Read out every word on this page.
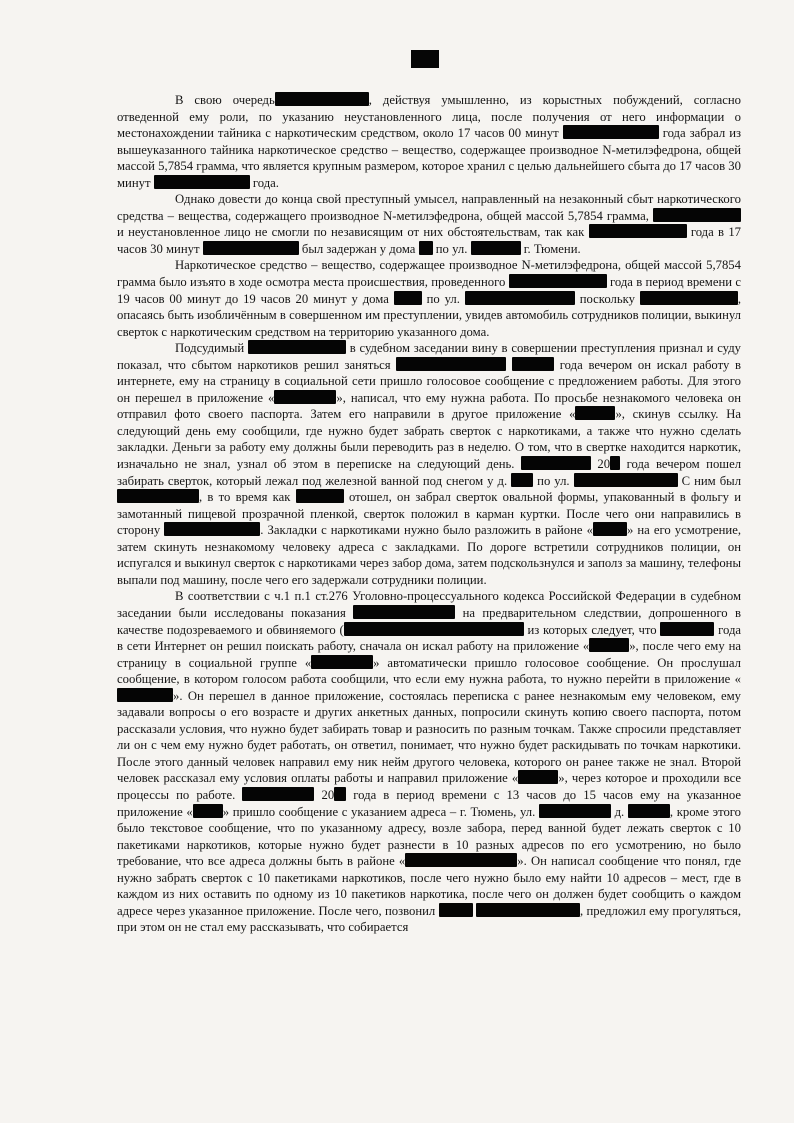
В свою очередь	, действуя умышленно, из корыстных побуждений, согласно отведенной ему роли, по указанию неустановленного лица, после получения от него информации о местонахождении тайника с наркотическим средством, около 17 часов 00 минут	года забрал из вышеуказанного тайника наркотическое средство – вещество, содержащее производное N-метилэфедрона, общей массой 5,7854 грамма, что является крупным размером, которое хранил с целью дальнейшего сбыта до 17 часов 30 минут	года.

Однако довести до конца свой преступный умысел, направленный на незаконный сбыт наркотического средства – вещества, содержащего производное N-метилэфедрона, общей массой 5,7854 грамма,  и неустановленное лицо не смогли по независящим от них обстоятельствам, так как	года в 17 часов 30 минут	был задержан у дома по ул.	г. Тюмени.

Наркотическое средство – вещество, содержащее производное N-метилэфедрона, общей массой 5,7854 грамма было изъято в ходе осмотра места происшествия, проведенного	года в период времени с 19 часов 00 минут до 19 часов 20 минут у дома	по ул.	поскольку	, опасаясь быть изобличённым в совершенном им преступлении, увидев автомобиль сотрудников полиции, выкинул сверток с наркотическим средством на территорию указанного дома.

Подсудимый	в судебном заседании вину в совершении преступления признал и суду показал, что сбытом наркотиков решил заняться	года вечером он искал работу в интернете, ему на страницу в социальной сети пришло голосовое сообщение с предложением работы. Для этого он перешел в приложение «	», написал, что ему нужна работа. По просьбе незнакомого человека он отправил фото своего паспорта. Затем его направили в другое приложение «	», скинув ссылку. На следующий день ему сообщили, где нужно будет забрать сверток с наркотиками, а также что нужно сделать закладки. Деньги за работу ему должны были переводить раз в неделю. О том, что в свертке находится наркотик, изначально не знал, узнал об этом в переписке на следующий день.	20 года вечером пошел забирать сверток, который лежал под железной ванной под снегом у д. по ул.	С ним был , в то время как	отошел, он забрал сверток овальной формы, упакованный в фольгу и замотанный пищевой прозрачной пленкой, сверток положил в карман куртки. После чего они направились в сторону	. Закладки с наркотиками нужно было разложить в районе «	» на его усмотрение, затем скинуть незнакомому человеку адреса с закладками. По дороге встретили сотрудников полиции, он испугался и выкинул сверток с наркотиками через забор дома, затем подскользнулся и заполз за машину, телефоны выпали под машину, после чего его задержали сотрудники полиции.

В соответствии с ч.1 п.1 ст.276 Уголовно-процессуального кодекса Российской Федерации в судебном заседании были исследованы показания	на предварительном следствии, допрошенного в качестве подозреваемого и обвиняемого (	из которых следует, что	года в сети Интернет он решил поискать работу, сначала он искал работу на приложение «	», после чего ему на страницу в социальной группе «	» автоматически пришло голосовое сообщение. Он прослушал сообщение, в котором голосом работа сообщили, что если ему нужна работа, то нужно перейти в приложение «». Он перешел в данное приложение, состоялась переписка с ранее незнакомым ему человеком, ему задавали вопросы о его возрасте и других анкетных данных, попросили скинуть копию своего паспорта, потом рассказали условия, что нужно будет забирать товар и разносить по разным точкам. Также спросили представляет ли он с чем ему нужно будет работать, он ответил, понимает, что нужно будет раскидывать по точкам наркотики. После этого данный человек направил ему ник нейм другого человека, которого он ранее также не знал. Второй человек рассказал ему условия оплаты работы и направил приложение «	», через которое и проходили все процессы по работе.	20 года в период времени с 13 часов до 15 часов ему на указанное приложение « » пришло сообщение с указанием адреса – г. Тюмень, ул.	д.	, кроме этого было текстовое сообщение, что по указанному адресу, возле забора, перед ванной будет лежать сверток с 10 пакетиками наркотиков, которые нужно будет разнести в 10 разных адресов по его усмотрению, но было требование, что все адреса должны быть в районе «	». Он написал сообщение что понял, где нужно забрать сверток с 10 пакетиками наркотиков, после чего нужно было ему найти 10 адресов – мест, где в каждом из них оставить по одному из 10 пакетиков наркотика, после чего он должен будет сообщить о каждом адресе через указанное приложение. После чего, позвонил	, предложил ему прогуляться, при этом он не стал ему рассказывать, что собирается
